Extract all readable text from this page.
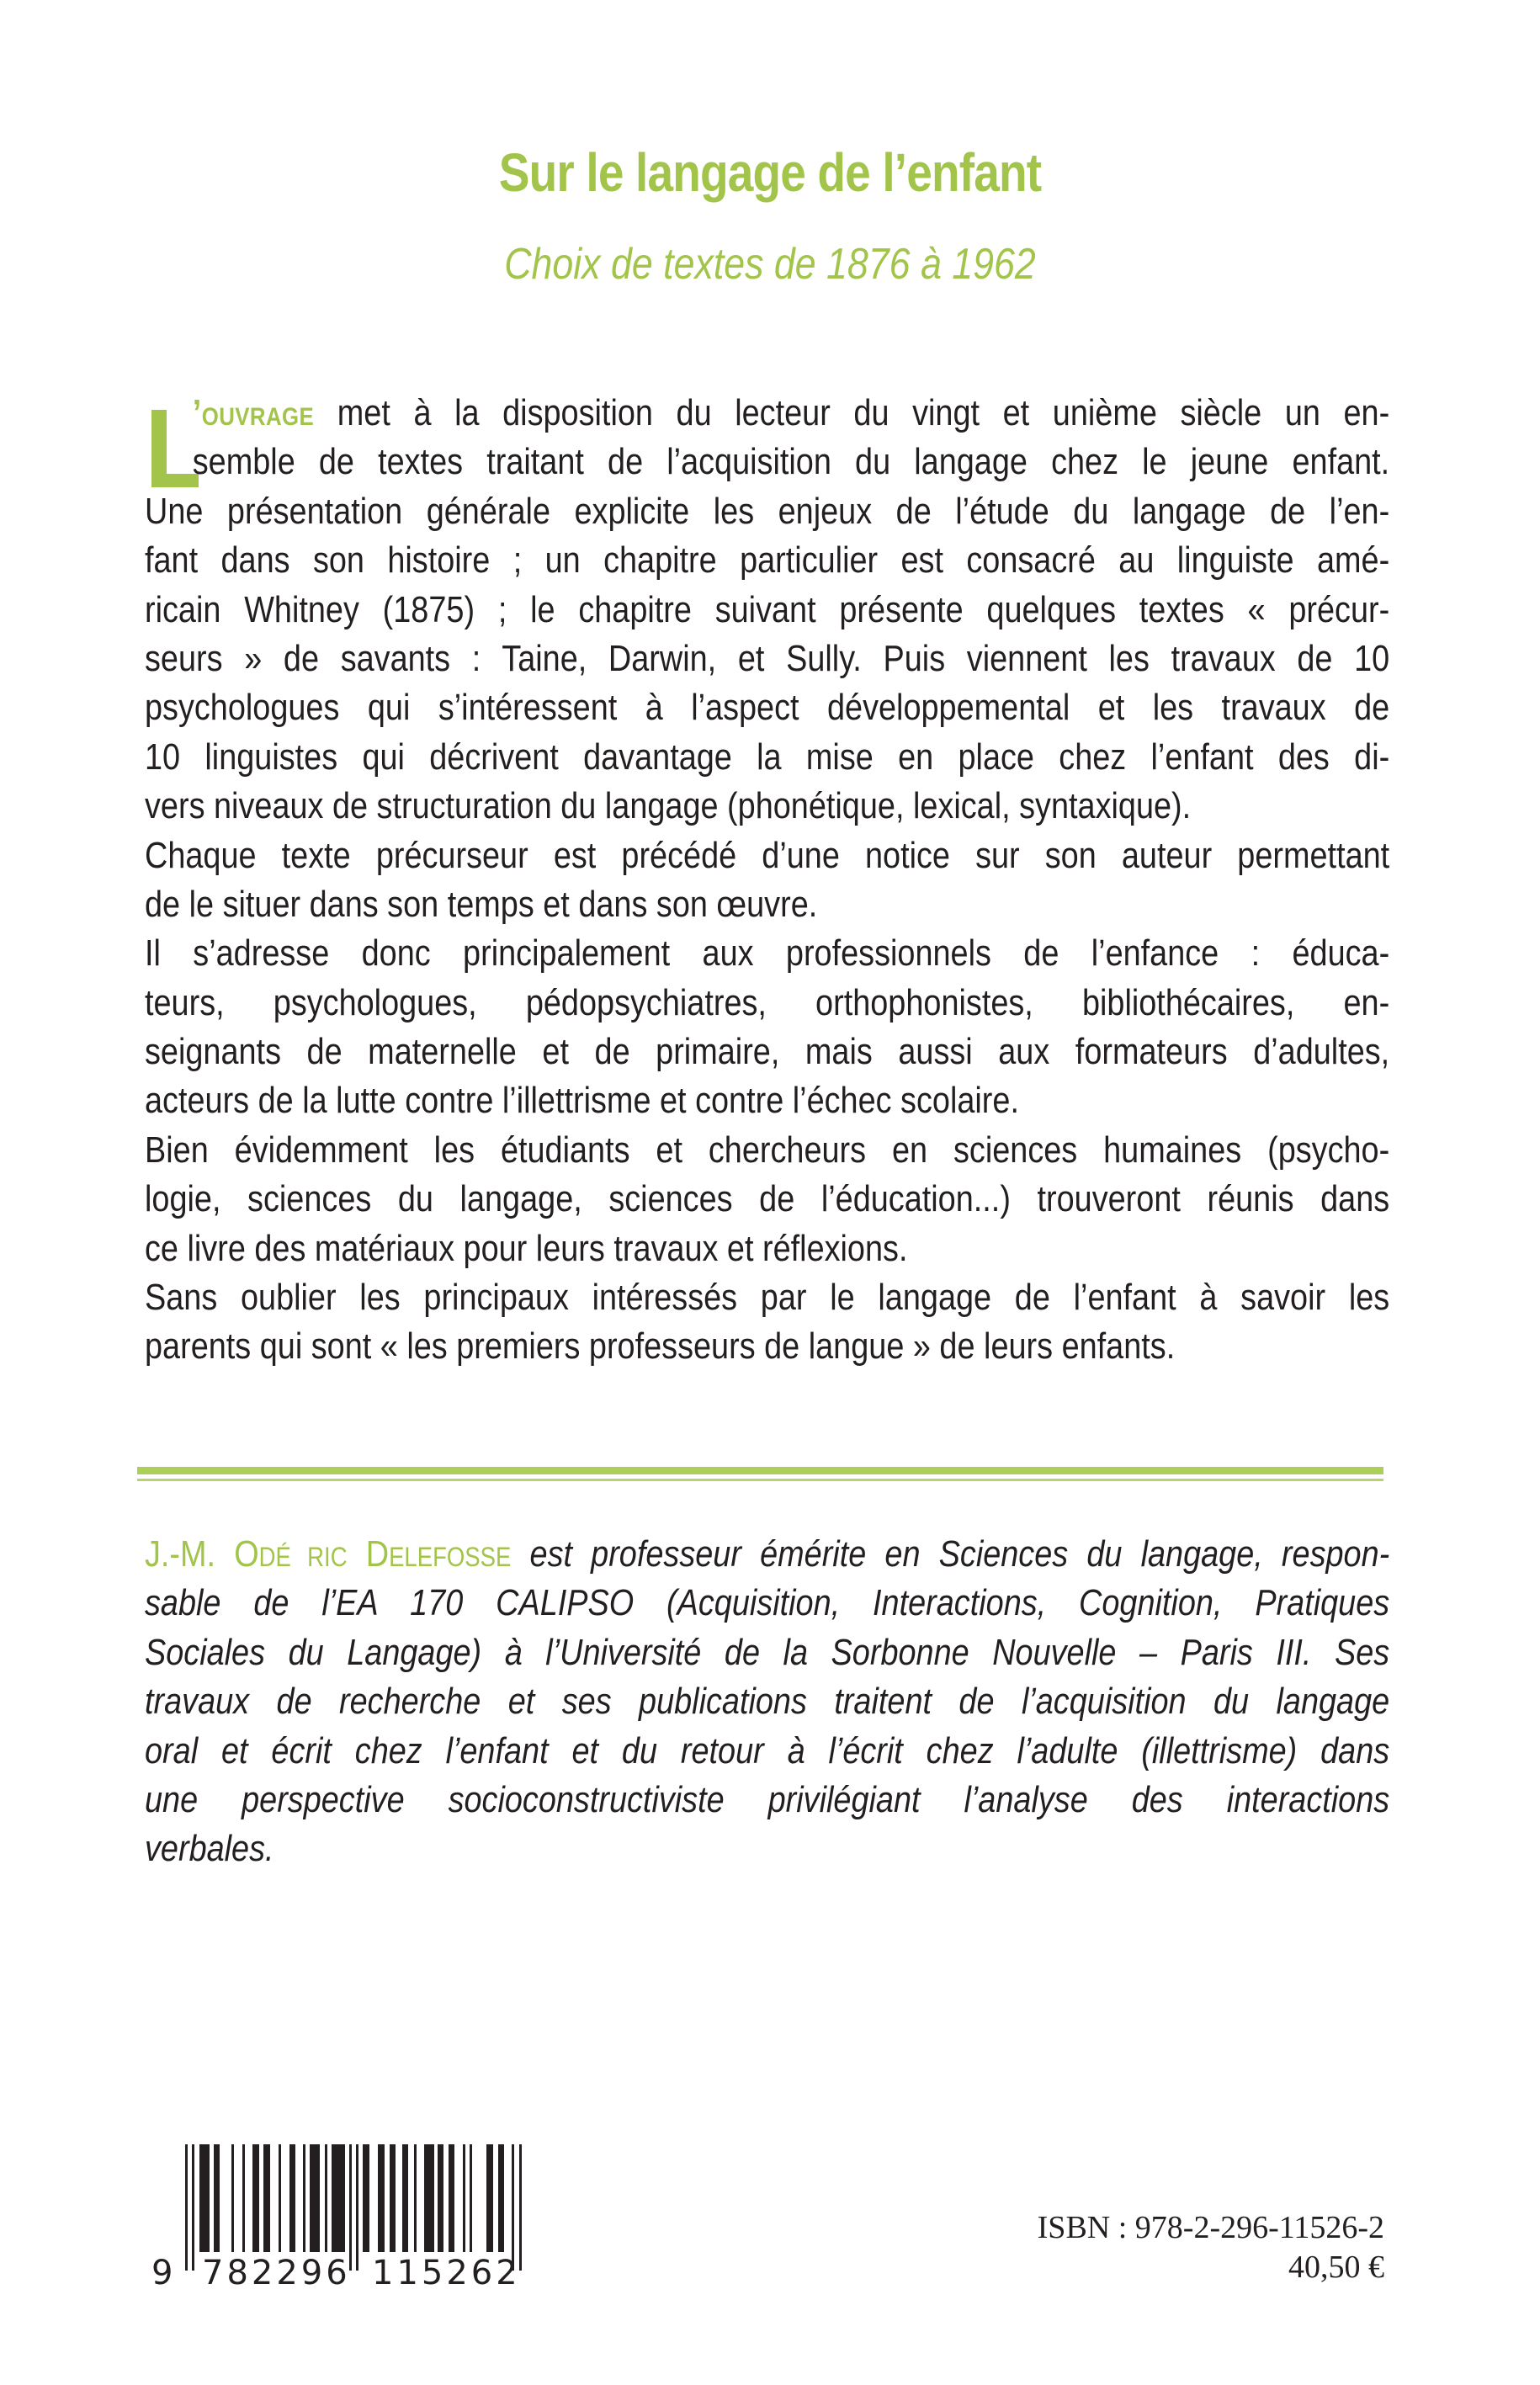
Sur le langage de l’enfant
Choix de textes de 1876 à 1962
’OUVRAGE met à la disposition du lecteur du vingt et unième siècle un en-
semble de textes traitant de l’acquisition du langage chez le jeune enfant.
Une présentation générale explicite les enjeux de l’étude du langage de l’en-
fant dans son histoire ; un chapitre particulier est consacré au linguiste amé-
ricain Whitney (1875) ; le chapitre suivant présente quelques textes « précur-
seurs » de savants : Taine, Darwin, et Sully. Puis viennent les travaux de 10
psychologues qui s’intéressent à l’aspect développemental et les travaux de
10 linguistes qui décrivent davantage la mise en place chez l’enfant des di-
vers niveaux de structuration du langage (phonétique, lexical, syntaxique).
Chaque texte précurseur est précédé d’une notice sur son auteur permettant
de le situer dans son temps et dans son œuvre.
Il s’adresse donc principalement aux professionnels de l’enfance : éduca-
teurs, psychologues, pédopsychiatres, orthophonistes, bibliothécaires, en-
seignants de maternelle et de primaire, mais aussi aux formateurs d’adultes,
acteurs de la lutte contre l’illettrisme et contre l’échec scolaire.
Bien évidemment les étudiants et chercheurs en sciences humaines (psycho-
logie, sciences du langage, sciences de l’éducation...) trouveront réunis dans
ce livre des matériaux pour leurs travaux et réflexions.
Sans oublier les principaux intéressés par le langage de l’enfant à savoir les
parents qui sont « les premiers professeurs de langue » de leurs enfants.
J.-M. ODÉ RIC DELEFOSSE est professeur émérite en Sciences du langage, respon-
sable de l’EA 170 CALIPSO (Acquisition, Interactions, Cognition, Pratiques
Sociales du Langage) à l’Université de la Sorbonne Nouvelle – Paris III. Ses
travaux de recherche et ses publications traitent de l’acquisition du langage
oral et écrit chez l’enfant et du retour à l’écrit chez l’adulte (illettrisme) dans
une perspective socioconstructiviste privilégiant l’analyse des interactions
verbales.
9 782296 115262
ISBN : 978-2-296-11526-2
40,50 €
